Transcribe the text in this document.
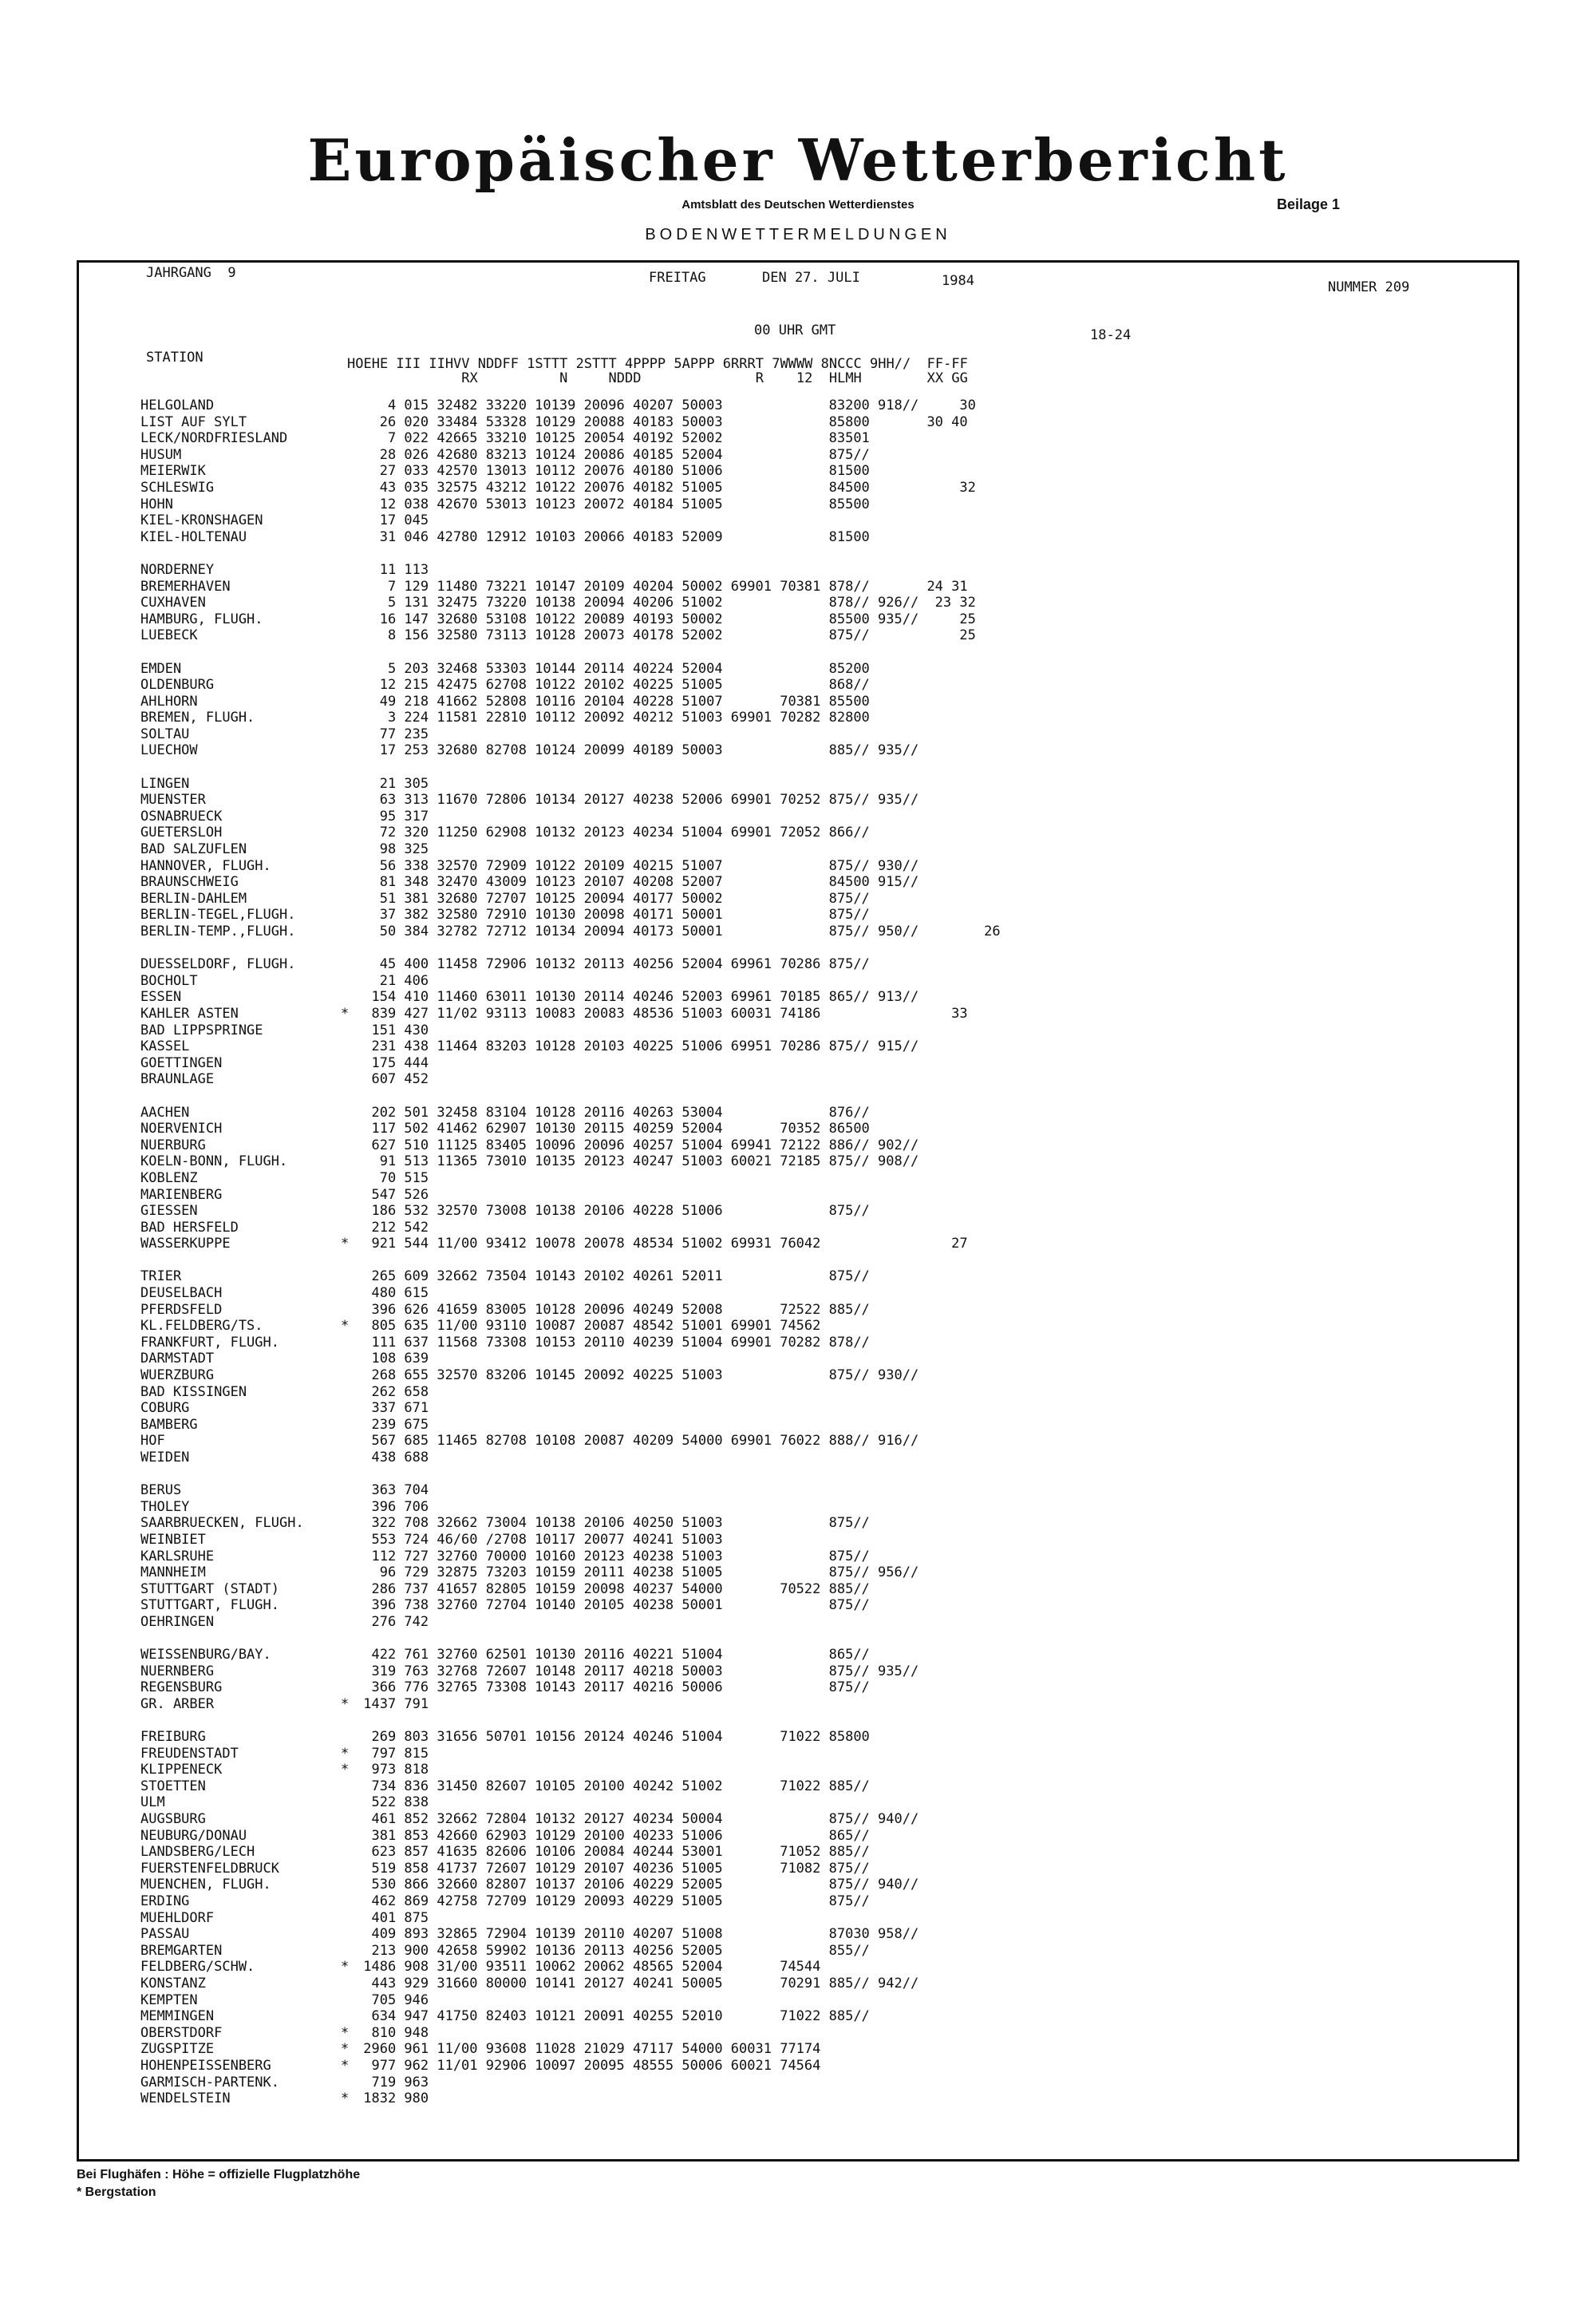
Europäischer Wetterbericht
Amtsblatt des Deutschen Wetterdienstes	Beilage 1
BODENWETTERMELDUNGEN
JAHRGANG  9	FREITAG	DEN 27. JULI	1984	NUMMER 209
00 UHR GMT	18-24
STATION	HOEHE III IIHVV NDDFF 1STTT 2STTT 4PPPP 5APPP 6RRRT 7WWWW 8NCCC 9HH//  FF-FF
RX          N     NDDD              R    12  HLMH        XX GG
HELGOLAND	4 015 32482 33220 10139 20096 40207 50003             83200 918//     30
LIST AUF SYLT	26 020 33484 53328 10129 20088 40183 50003             85800       30 40
LECK/NORDFRIESLAND	7 022 42665 33210 10125 20054 40192 52002             83501
HUSUM	28 026 42680 83213 10124 20086 40185 52004             875//
MEIERWIK	27 033 42570 13013 10112 20076 40180 51006             81500
SCHLESWIG	43 035 32575 43212 10122 20076 40182 51005             84500           32
HOHN	12 038 42670 53013 10123 20072 40184 51005             85500
KIEL-KRONSHAGEN	17 045
KIEL-HOLTENAU	31 046 42780 12912 10103 20066 40183 52009             81500
NORDERNEY	11 113
BREMERHAVEN	7 129 11480 73221 10147 20109 40204 50002 69901 70381 878//       24 31
CUXHAVEN	5 131 32475 73220 10138 20094 40206 51002             878// 926//  23 32
HAMBURG, FLUGH.	16 147 32680 53108 10122 20089 40193 50002             85500 935//     25
LUEBECK	8 156 32580 73113 10128 20073 40178 52002             875//           25
EMDEN	5 203 32468 53303 10144 20114 40224 52004             85200
OLDENBURG	12 215 42475 62708 10122 20102 40225 51005             868//
AHLHORN	49 218 41662 52808 10116 20104 40228 51007       70381 85500
BREMEN, FLUGH.	3 224 11581 22810 10112 20092 40212 51003 69901 70282 82800
SOLTAU	77 235
LUECHOW	17 253 32680 82708 10124 20099 40189 50003             885// 935//
LINGEN	21 305
MUENSTER	63 313 11670 72806 10134 20127 40238 52006 69901 70252 875// 935//
OSNABRUECK	95 317
GUETERSLOH	72 320 11250 62908 10132 20123 40234 51004 69901 72052 866//
BAD SALZUFLEN	98 325
HANNOVER, FLUGH.	56 338 32570 72909 10122 20109 40215 51007             875// 930//
BRAUNSCHWEIG	81 348 32470 43009 10123 20107 40208 52007             84500 915//
BERLIN-DAHLEM	51 381 32680 72707 10125 20094 40177 50002             875//
BERLIN-TEGEL,FLUGH.	37 382 32580 72910 10130 20098 40171 50001             875//
BERLIN-TEMP.,FLUGH.	50 384 32782 72712 10134 20094 40173 50001             875// 950//        26
DUESSELDORF, FLUGH.	45 400 11458 72906 10132 20113 40256 52004 69961 70286 875//
BOCHOLT	21 406
ESSEN	154 410 11460 63011 10130 20114 40246 52003 69961 70185 865// 913//
KAHLER ASTEN	* 839 427 11/02 93113 10083 20083 48536 51003 60031 74186                33
BAD LIPPSPRINGE	151 430
KASSEL	231 438 11464 83203 10128 20103 40225 51006 69951 70286 875// 915//
GOETTINGEN	175 444
BRAUNLAGE	607 452
AACHEN	202 501 32458 83104 10128 20116 40263 53004             876//
NOERVENICH	117 502 41462 62907 10130 20115 40259 52004       70352 86500
NUERBURG	627 510 11125 83405 10096 20096 40257 51004 69941 72122 886// 902//
KOELN-BONN, FLUGH.	91 513 11365 73010 10135 20123 40247 51003 60021 72185 875// 908//
KOBLENZ	70 515
MARIENBERG	547 526
GIESSEN	186 532 32570 73008 10138 20106 40228 51006             875//
BAD HERSFELD	212 542
WASSERKUPPE	* 921 544 11/00 93412 10078 20078 48534 51002 69931 76042                27
TRIER	265 609 32662 73504 10143 20102 40261 52011             875//
DEUSELBACH	480 615
PFERDSFELD	396 626 41659 83005 10128 20096 40249 52008       72522 885//
KL.FELDBERG/TS.	* 805 635 11/00 93110 10087 20087 48542 51001 69901 74562
FRANKFURT, FLUGH.	111 637 11568 73308 10153 20110 40239 51004 69901 70282 878//
DARMSTADT	108 639
WUERZBURG	268 655 32570 83206 10145 20092 40225 51003             875// 930//
BAD KISSINGEN	262 658
COBURG	337 671
BAMBERG	239 675
HOF	567 685 11465 82708 10108 20087 40209 54000 69901 76022 888// 916//
WEIDEN	438 688
BERUS	363 704
THOLEY	396 706
SAARBRUECKEN, FLUGH.	322 708 32662 73004 10138 20106 40250 51003             875//
WEINBIET	553 724 46/60 /2708 10117 20077 40241 51003
KARLSRUHE	112 727 32760 70000 10160 20123 40238 51003             875//
MANNHEIM	96 729 32875 73203 10159 20111 40238 51005             875// 956//
STUTTGART (STADT)	286 737 41657 82805 10159 20098 40237 54000       70522 885//
STUTTGART, FLUGH.	396 738 32760 72704 10140 20105 40238 50001             875//
OEHRINGEN	276 742
WEISSENBURG/BAY.	422 761 32760 62501 10130 20116 40221 51004             865//
NUERNBERG	319 763 32768 72607 10148 20117 40218 50003             875// 935//
REGENSBURG	366 776 32765 73308 10143 20117 40216 50006             875//
GR. ARBER	* 1437 791
FREIBURG	269 803 31656 50701 10156 20124 40246 51004       71022 85800
FREUDENSTADT	* 797 815
KLIPPENECK	* 973 818
STOETTEN	734 836 31450 82607 10105 20100 40242 51002       71022 885//
ULM	522 838
AUGSBURG	461 852 32662 72804 10132 20127 40234 50004             875// 940//
NEUBURG/DONAU	381 853 42660 62903 10129 20100 40233 51006             865//
LANDSBERG/LECH	623 857 41635 82606 10106 20084 40244 53001       71052 885//
FUERSTENFELDBRUCK	519 858 41737 72607 10129 20107 40236 51005       71082 875//
MUENCHEN, FLUGH.	530 866 32660 82807 10137 20106 40229 52005             875// 940//
ERDING	462 869 42758 72709 10129 20093 40229 51005             875//
MUEHLDORF	401 875
PASSAU	409 893 32865 72904 10139 20110 40207 51008             87030 958//
BREMGARTEN	213 900 42658 59902 10136 20113 40256 52005             855//
FELDBERG/SCHW.	* 1486 908 31/00 93511 10062 20062 48565 52004       74544
KONSTANZ	443 929 31660 80000 10141 20127 40241 50005       70291 885// 942//
KEMPTEN	705 946
MEMMINGEN	634 947 41750 82403 10121 20091 40255 52010       71022 885//
OBERSTDORF	* 810 948
ZUGSPITZE	* 2960 961 11/00 93608 11028 21029 47117 54000 60031 77174
HOHENPEISSENBERG	* 977 962 11/01 92906 10097 20095 48555 50006 60021 74564
GARMISCH-PARTENK.	719 963
WENDELSTEIN	* 1832 980
Bei Flughäfen : Höhe = offizielle Flugplatzhöhe
* Bergstation
